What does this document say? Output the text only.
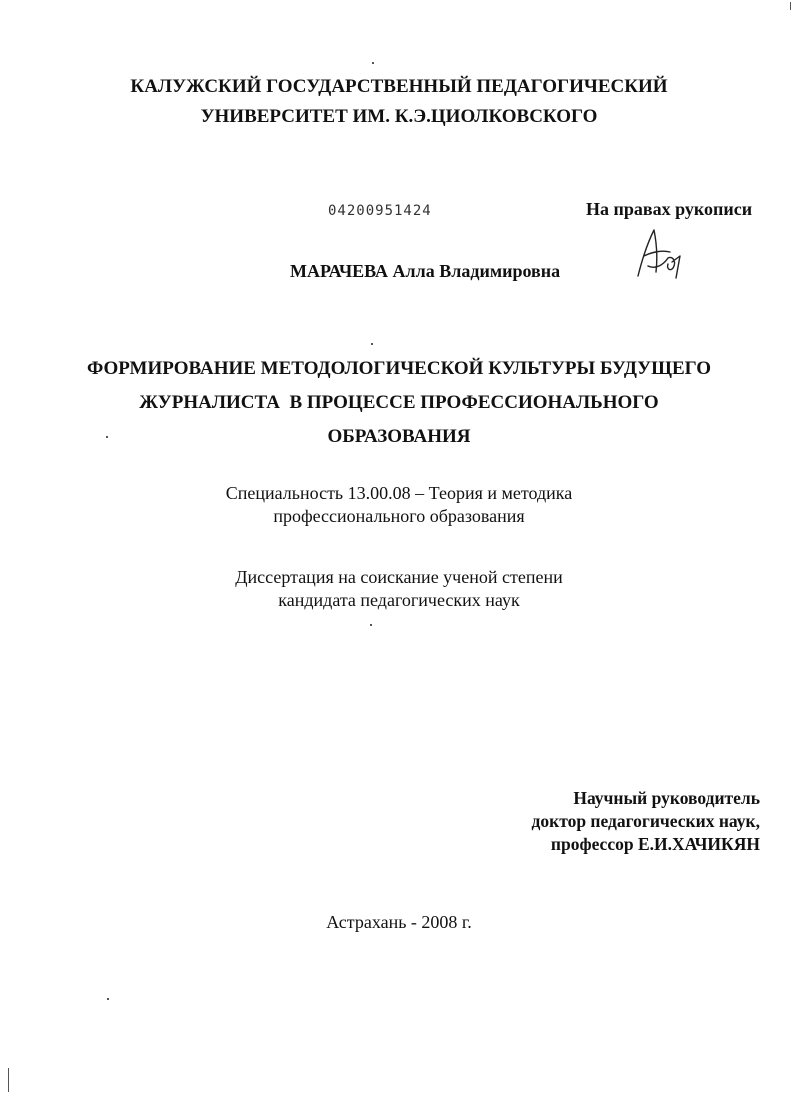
КАЛУЖСКИЙ ГОСУДАРСТВЕННЫЙ ПЕДАГОГИЧЕСКИЙ
УНИВЕРСИТЕТ ИМ. К.Э.ЦИОЛКОВСКОГО
04200951424	На правах рукописи
МАРАЧЕВА Алла Владимировна
ФОРМИРОВАНИЕ МЕТОДОЛОГИЧЕСКОЙ КУЛЬТУРЫ БУДУЩЕГО
ЖУРНАЛИСТА  В ПРОЦЕССЕ ПРОФЕССИОНАЛЬНОГО
ОБРАЗОВАНИЯ
Специальность 13.00.08 – Теория и методика
профессионального образования
Диссертация на соискание ученой степени
кандидата педагогических наук
Научный руководитель
доктор педагогических наук,
профессор Е.И.ХАЧИКЯН
Астрахань - 2008 г.
